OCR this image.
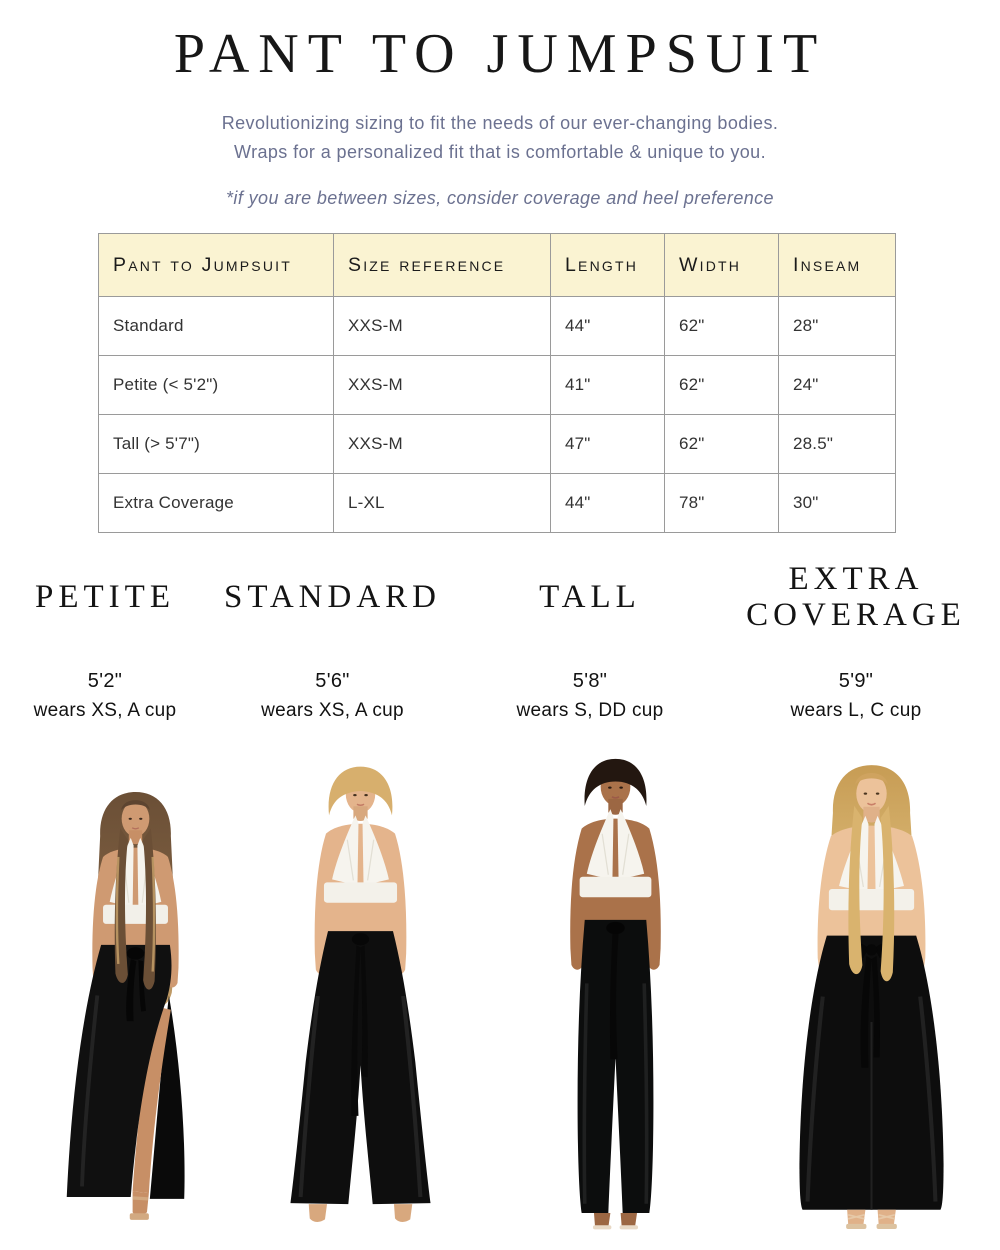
PANT TO JUMPSUIT

Revolutionizing sizing to fit the needs of our ever-changing bodies.
Wraps for a personalized fit that is comfortable & unique to you.

*if you are between sizes, consider coverage and heel preference

Pant to Jumpsuit	Size reference	Length	Width	Inseam
Standard	XXS-M	44"	62"	28"
Petite (< 5'2")	XXS-M	41"	62"	24"
Tall (> 5'7")	XXS-M	47"	62"	28.5"
Extra Coverage	L-XL	44"	78"	30"
PETITE
5'2"
wears XS, A cup
STANDARD
5'6"
wears XS, A cup
TALL
5'8"
wears S, DD cup
EXTRA COVERAGE
5'9"
wears L, C cup
